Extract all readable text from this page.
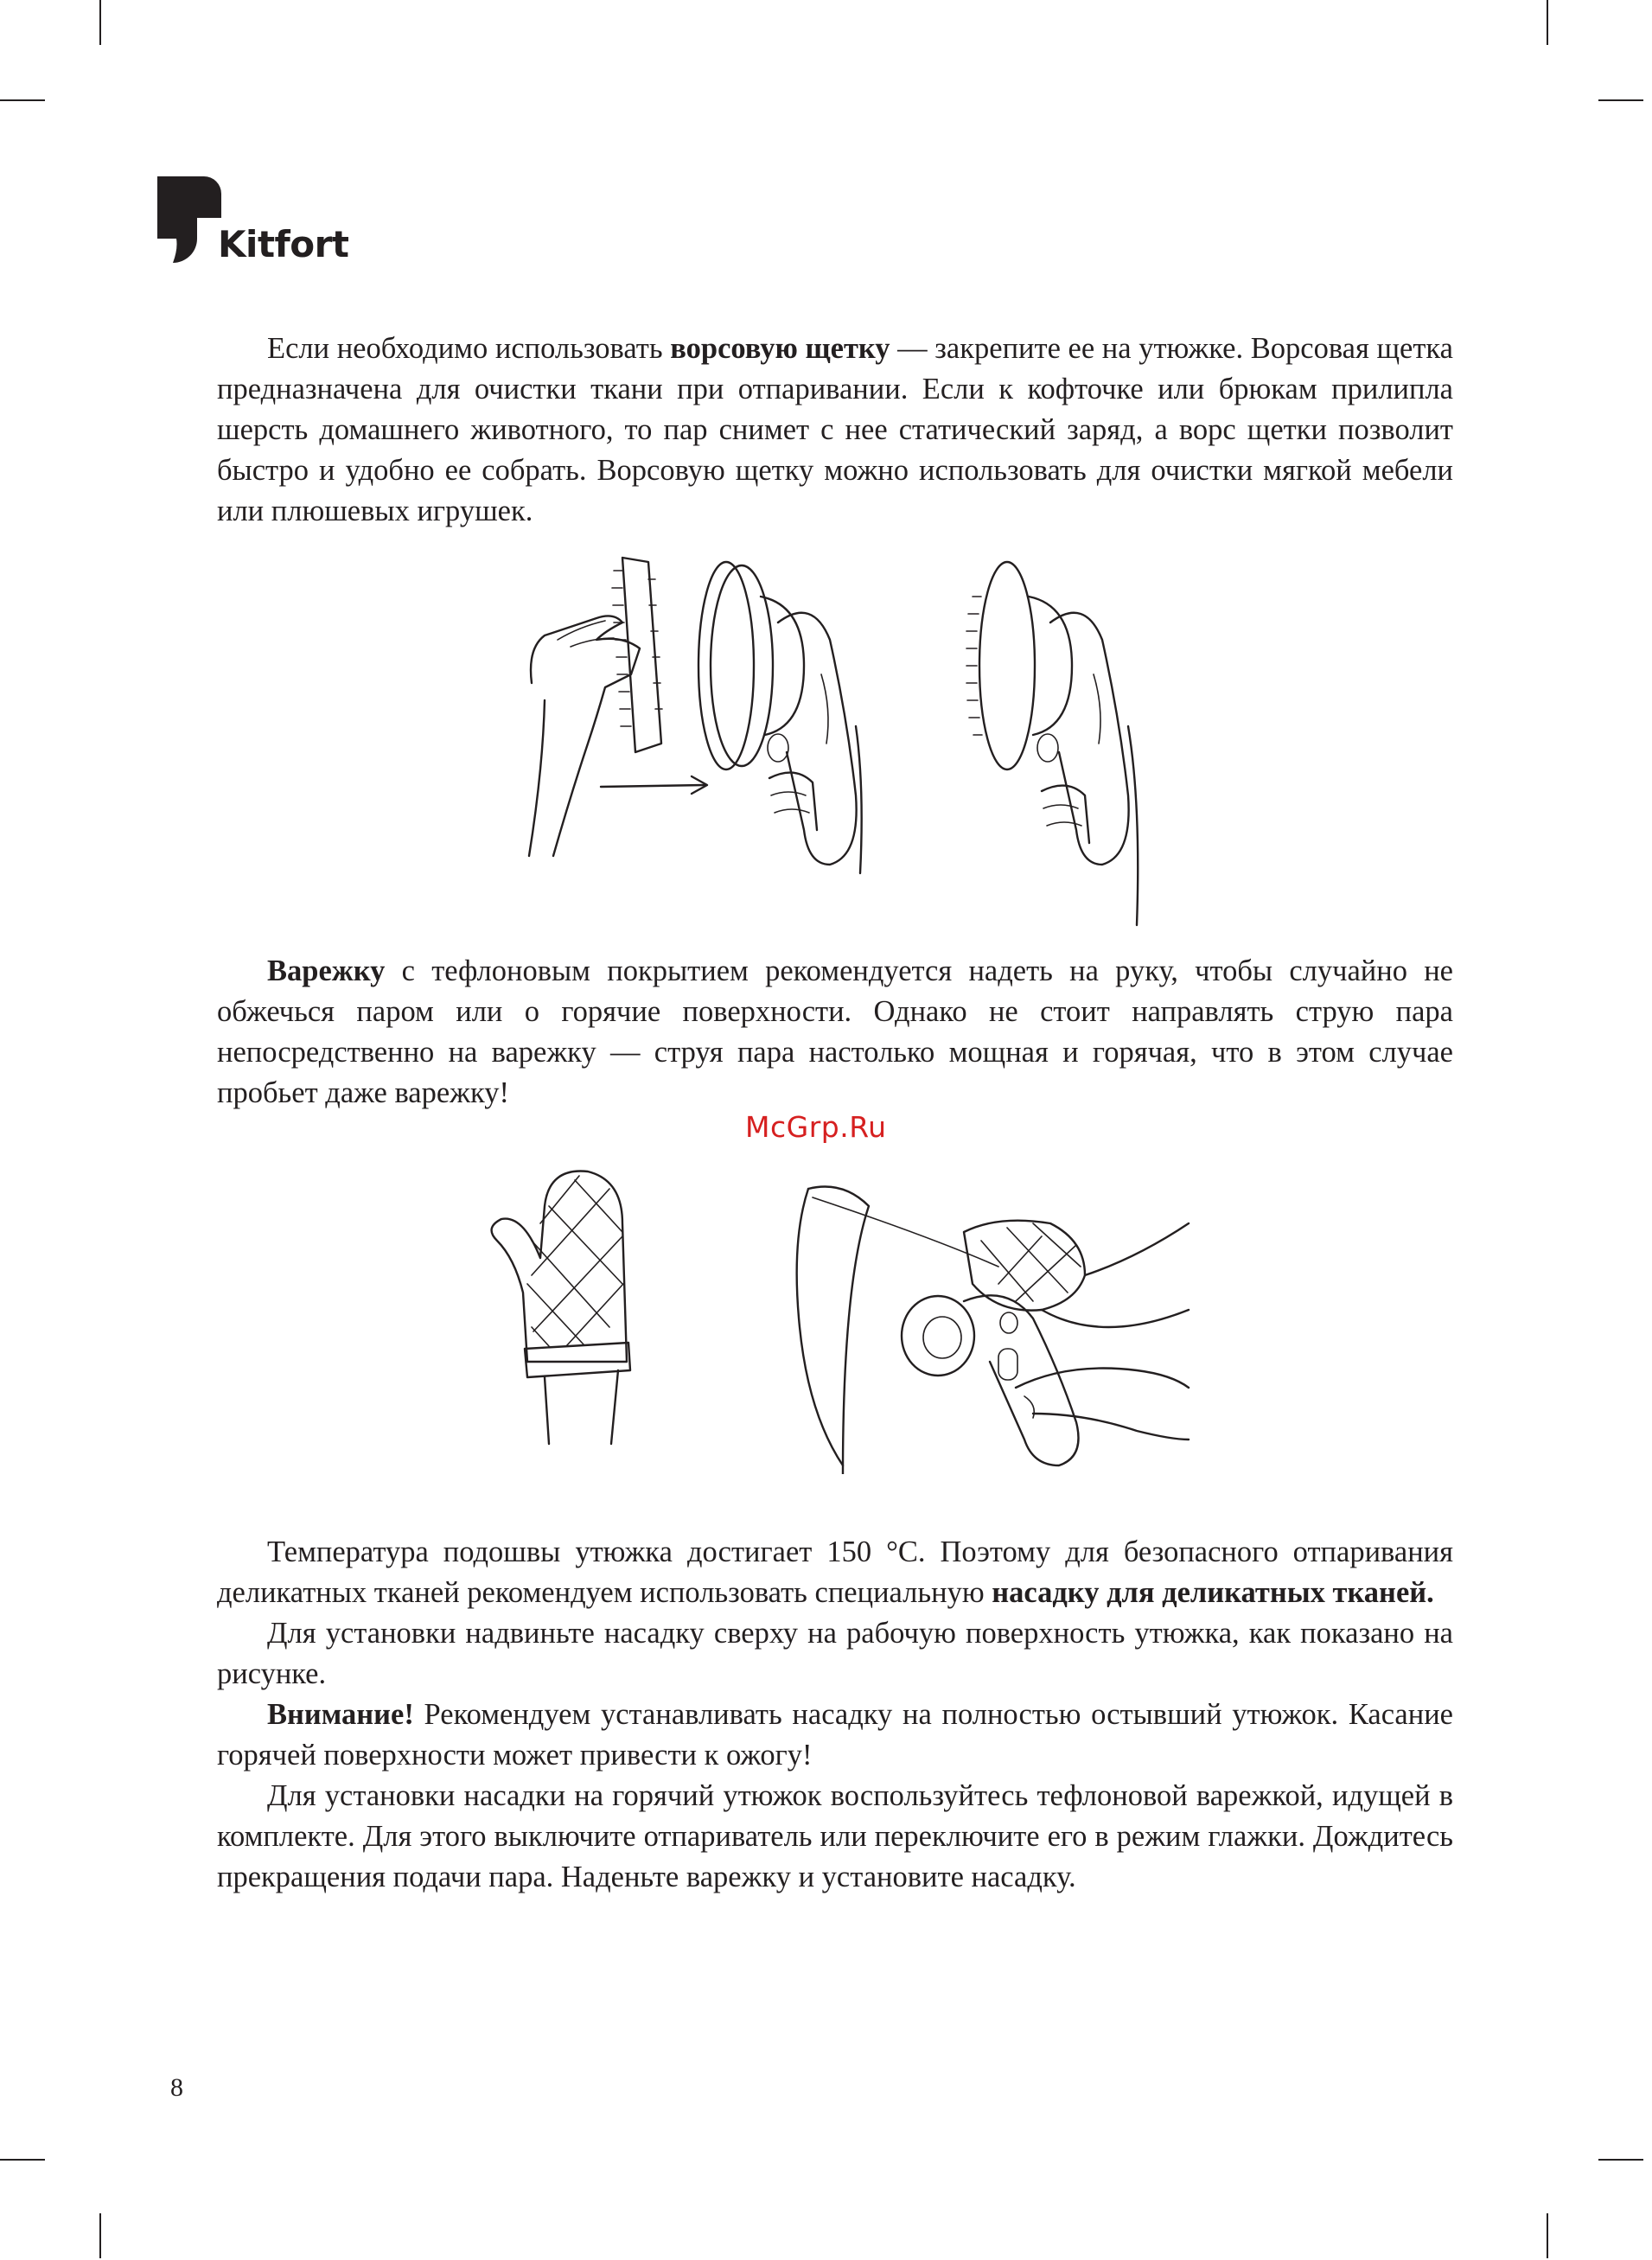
Kitfort

Если необходимо использовать ворсовую щетку — закрепите ее на утюжке. Ворсовая щетка предназначена для очистки ткани при отпаривании. Если к кофточке или брюкам прилипла шерсть домашнего животного, то пар снимет с нее статический заряд, а ворс щетки позволит быстро и удобно ее собрать. Ворсовую щетку можно использовать для очистки мягкой мебели или плюшевых игрушек.

Варежку с тефлоновым покрытием рекомендуется надеть на руку, чтобы случайно не обжечься паром или о горячие поверхности. Однако не стоит направлять струю пара непосредственно на варежку — струя пара настолько мощная и горячая, что в этом случае пробьет даже варежку!

McGrp.Ru

Температура подошвы утюжка достигает 150 °C. Поэтому для безопасного отпаривания деликатных тканей рекомендуем использовать специальную насадку для деликатных тканей.

Для установки надвиньте насадку сверху на рабочую поверхность утюжка, как показано на рисунке.

Внимание! Рекомендуем устанавливать насадку на полностью остывший утюжок. Касание горячей поверхности может привести к ожогу!

Для установки насадки на горячий утюжок воспользуйтесь тефлоновой варежкой, идущей в комплекте. Для этого выключите отпариватель или переключите его в режим глажки. Дождитесь прекращения подачи пара. Наденьте варежку и установите насадку.

8
